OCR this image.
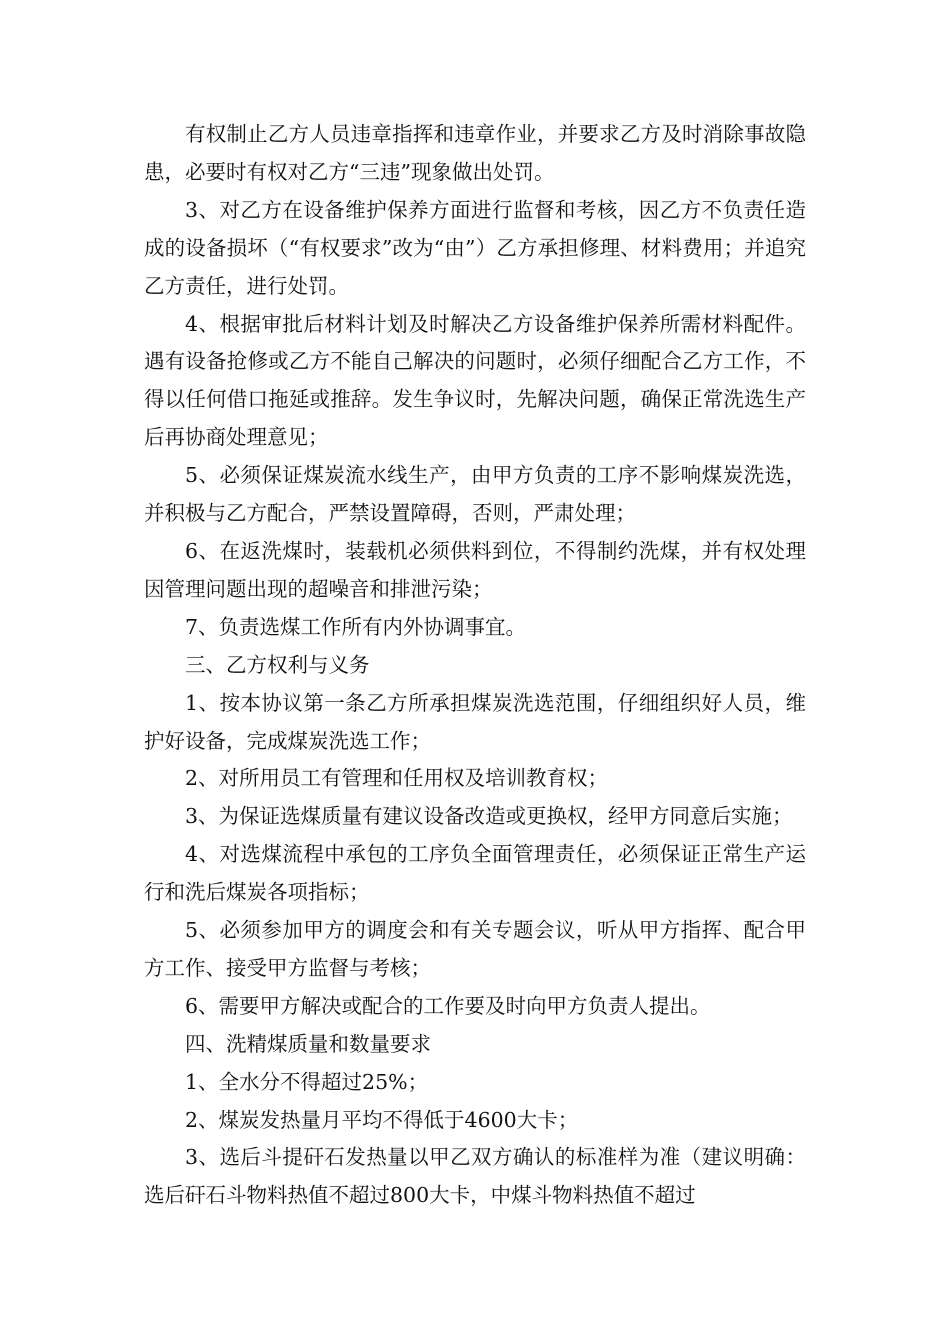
有权制止乙方人员违章指挥和违章作业，并要求乙方及时消除事故隐患，必要时有权对乙方“三违”现象做出处罚。

3、对乙方在设备维护保养方面进行监督和考核，因乙方不负责任造成的设备损坏（“有权要求”改为“由”）乙方承担修理、材料费用；并追究乙方责任，进行处罚。

4、根据审批后材料计划及时解决乙方设备维护保养所需材料配件。遇有设备抢修或乙方不能自己解决的问题时，必须仔细配合乙方工作，不得以任何借口拖延或推辞。发生争议时，先解决问题，确保正常洗选生产后再协商处理意见；

5、必须保证煤炭流水线生产，由甲方负责的工序不影响煤炭洗选，并积极与乙方配合，严禁设置障碍，否则，严肃处理；

6、在返洗煤时，装载机必须供料到位，不得制约洗煤，并有权处理因管理问题出现的超噪音和排泄污染；

7、负责选煤工作所有内外协调事宜。

三、乙方权利与义务

1、按本协议第一条乙方所承担煤炭洗选范围，仔细组织好人员，维护好设备，完成煤炭洗选工作；

2、对所用员工有管理和任用权及培训教育权；

3、为保证选煤质量有建议设备改造或更换权，经甲方同意后实施；

4、对选煤流程中承包的工序负全面管理责任，必须保证正常生产运行和洗后煤炭各项指标；

5、必须参加甲方的调度会和有关专题会议，听从甲方指挥、配合甲方工作、接受甲方监督与考核；

6、需要甲方解决或配合的工作要及时向甲方负责人提出。

四、洗精煤质量和数量要求

1、全水分不得超过25%；

2、煤炭发热量月平均不得低于4600大卡；

3、选后斗提矸石发热量以甲乙双方确认的标准样为准（建议明确：选后矸石斗物料热值不超过800大卡，中煤斗物料热值不超过
